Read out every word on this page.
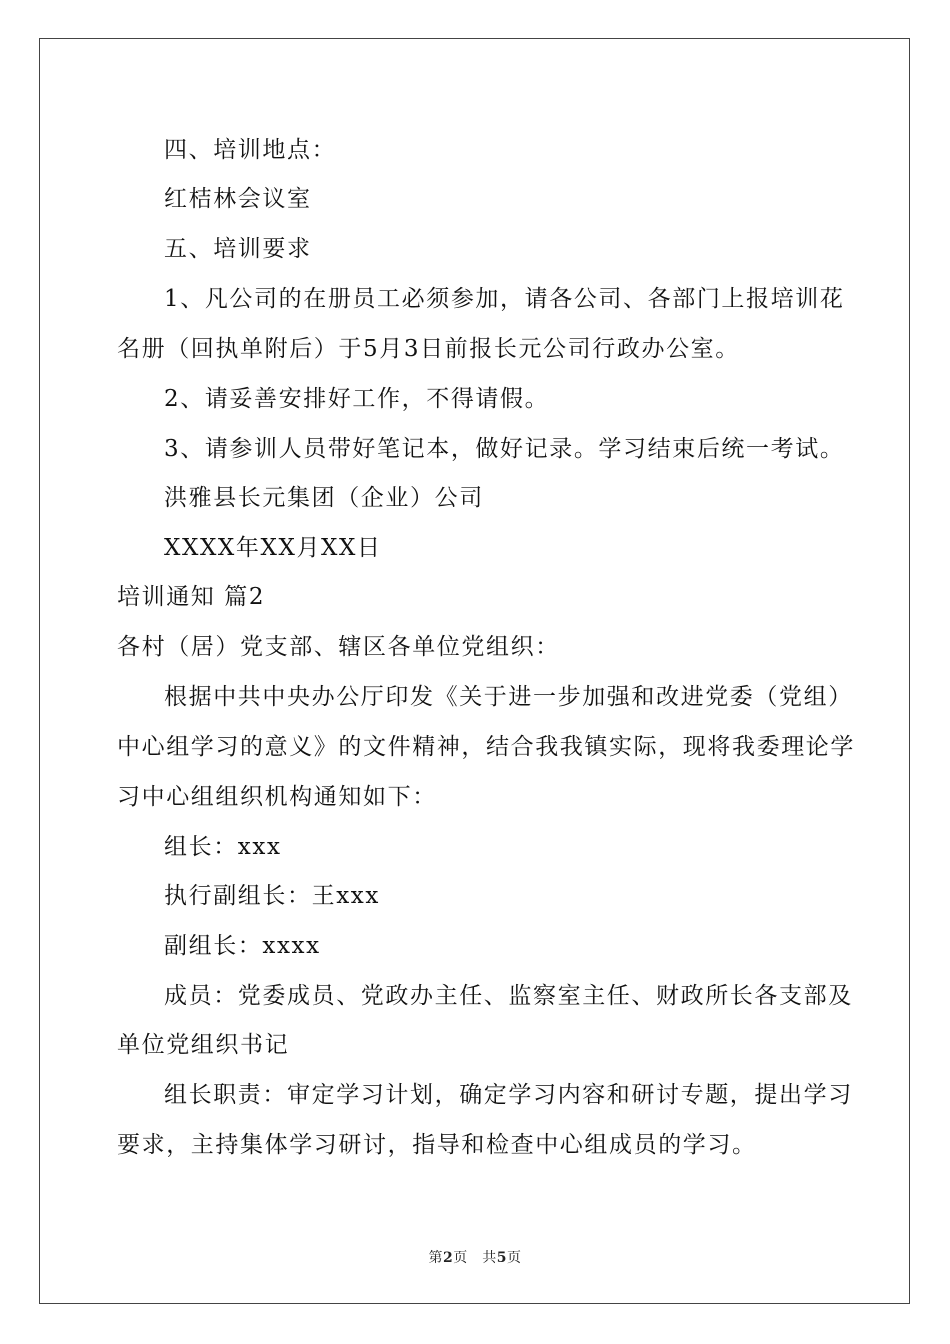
四、培训地点：
红桔林会议室
五、培训要求
1、凡公司的在册员工必须参加，请各公司、各部门上报培训花
名册（回执单附后）于5月3日前报长元公司行政办公室。
2、请妥善安排好工作，不得请假。
3、请参训人员带好笔记本，做好记录。学习结束后统一考试。
洪雅县长元集团（企业）公司
XXXX年XX月XX日
培训通知 篇2
各村（居）党支部、辖区各单位党组织：
根据中共中央办公厅印发《关于进一步加强和改进党委（党组）
中心组学习的意义》的文件精神，结合我我镇实际，现将我委理论学
习中心组组织机构通知如下：
组长：xxx
执行副组长：王xxx
副组长：xxxx
成员：党委成员、党政办主任、监察室主任、财政所长各支部及
单位党组织书记
组长职责：审定学习计划，确定学习内容和研讨专题，提出学习
要求，主持集体学习研讨，指导和检查中心组成员的学习。
第2页　共5页
